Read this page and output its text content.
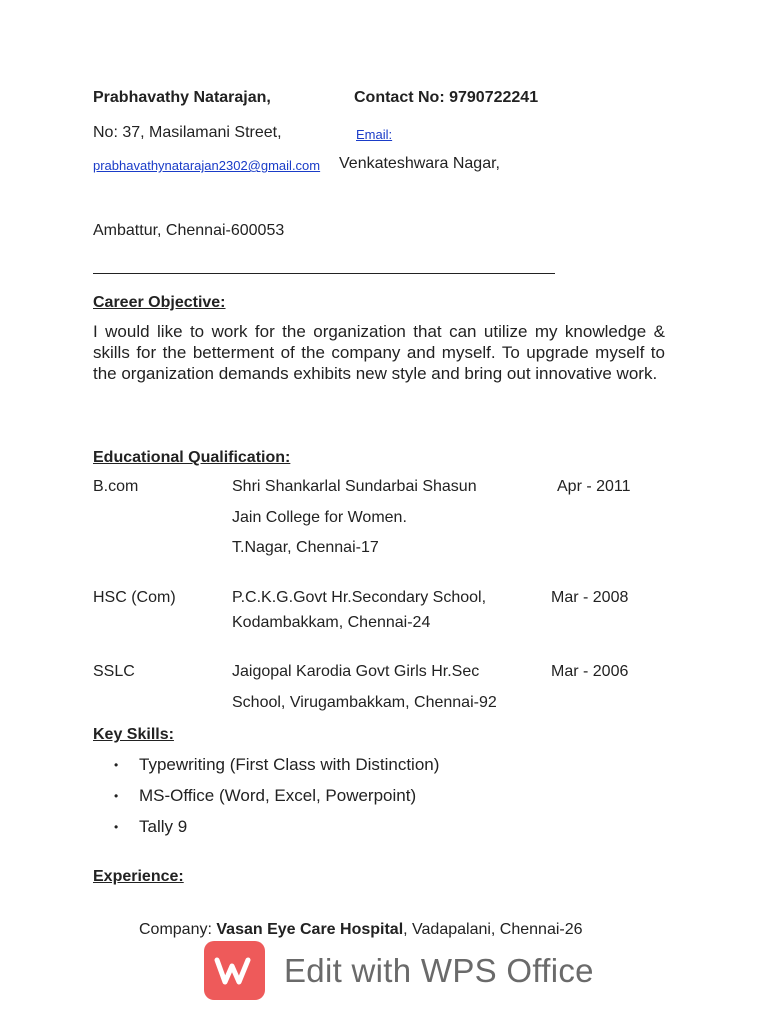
Prabhavathy Natarajan,	Contact No: 9790722241
No: 37, Masilamani Street,	Email:
prabhavathynatarajan2302@gmail.com Venkateshwara Nagar,
Ambattur, Chennai-600053
Career Objective:
I would like to work for the organization that can utilize my knowledge & skills for the betterment of the company and myself. To upgrade myself to the organization demands exhibits new style and bring out innovative work.
Educational Qualification:
B.com	Shri Shankarlal Sundarbai Shasun
Jain College for Women.
T.Nagar, Chennai-17
Apr - 2011
HSC (Com)	P.C.K.G.Govt Hr.Secondary School,
Kodambakkam, Chennai-24
Mar - 2008
SSLC	Jaigopal Karodia Govt Girls Hr.Sec
School, Virugambakkam, Chennai-92
Mar - 2006
Key Skills:
• Typewriting (First Class with Distinction)
• MS-Office (Word, Excel, Powerpoint)
• Tally 9
Experience:
Company: Vasan Eye Care Hospital, Vadapalani, Chennai-26
Edit with WPS Office
